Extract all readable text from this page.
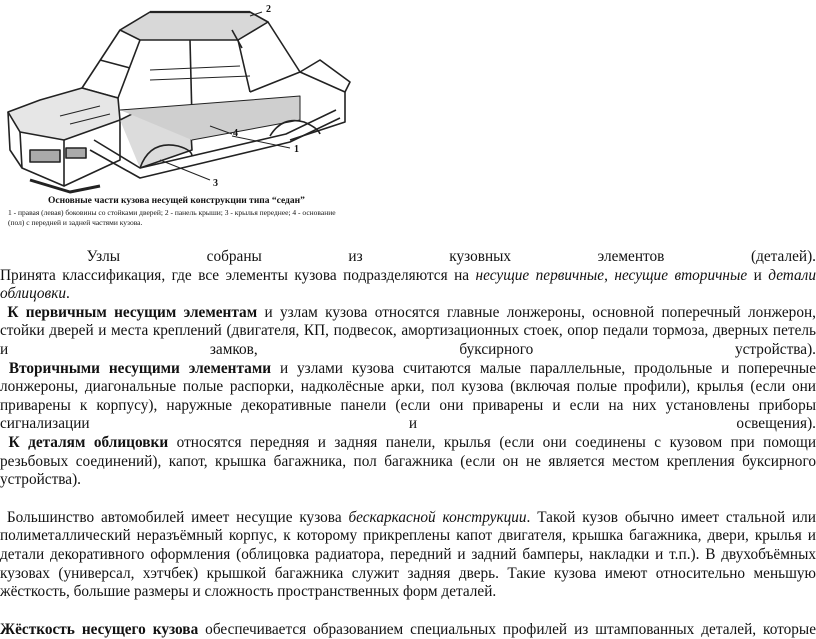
2
1
3
4
Основные части кузова несущей конструкции типа “седан”
1 - правая (левая) боковины со стойками дверей; 2 - панель крыши; 3 - крылья переднее; 4 - основание
(пол) с передней и задней частями кузова.

Узлы собраны из кузовных элементов (деталей).

Принята классификация, где все элементы кузова подразделяются на несущие первичные, несущие вторичные и детали

облицовки.

К первичным несущим элементам и узлам кузова относятся главные лонжероны, основной поперечный лонжерон,

стойки дверей и места креплений (двигателя, КП, подвесок, амортизационных стоек, опор педали тормоза, дверных петель

и замков, буксирного устройства).

Вторичными несущими элементами и узлами кузова считаются малые параллельные, продольные и поперечные

лонжероны, диагональные полые распорки, надколёсные арки, пол кузова (включая полые профили), крылья (если они

приварены к корпусу), наружные декоративные панели (если они приварены и если на них установлены приборы

сигнализации и освещения).

К деталям облицовки относятся передняя и задняя панели, крылья (если они соединены с кузовом при помощи

резьбовых соединений), капот, крышка багажника, пол багажника (если он не является местом крепления буксирного

устройства).

Большинство автомобилей имеет несущие кузова бескаркасной конструкции. Такой кузов обычно имеет стальной или

полиметаллический неразъёмный корпус, к которому прикреплены капот двигателя, крышка багажника, двери, крылья и

детали декоративного оформления (облицовка радиатора, передний и задний бамперы, накладки и т.п.). В двухобъёмных

кузовах (универсал, хэтчбек) крышкой багажника служит задняя дверь. Такие кузова имеют относительно меньшую

жёсткость, большие размеры и сложность пространственных форм деталей.

Жёсткость несущего кузова обеспечивается образованием специальных профилей из штампованных деталей, которые
